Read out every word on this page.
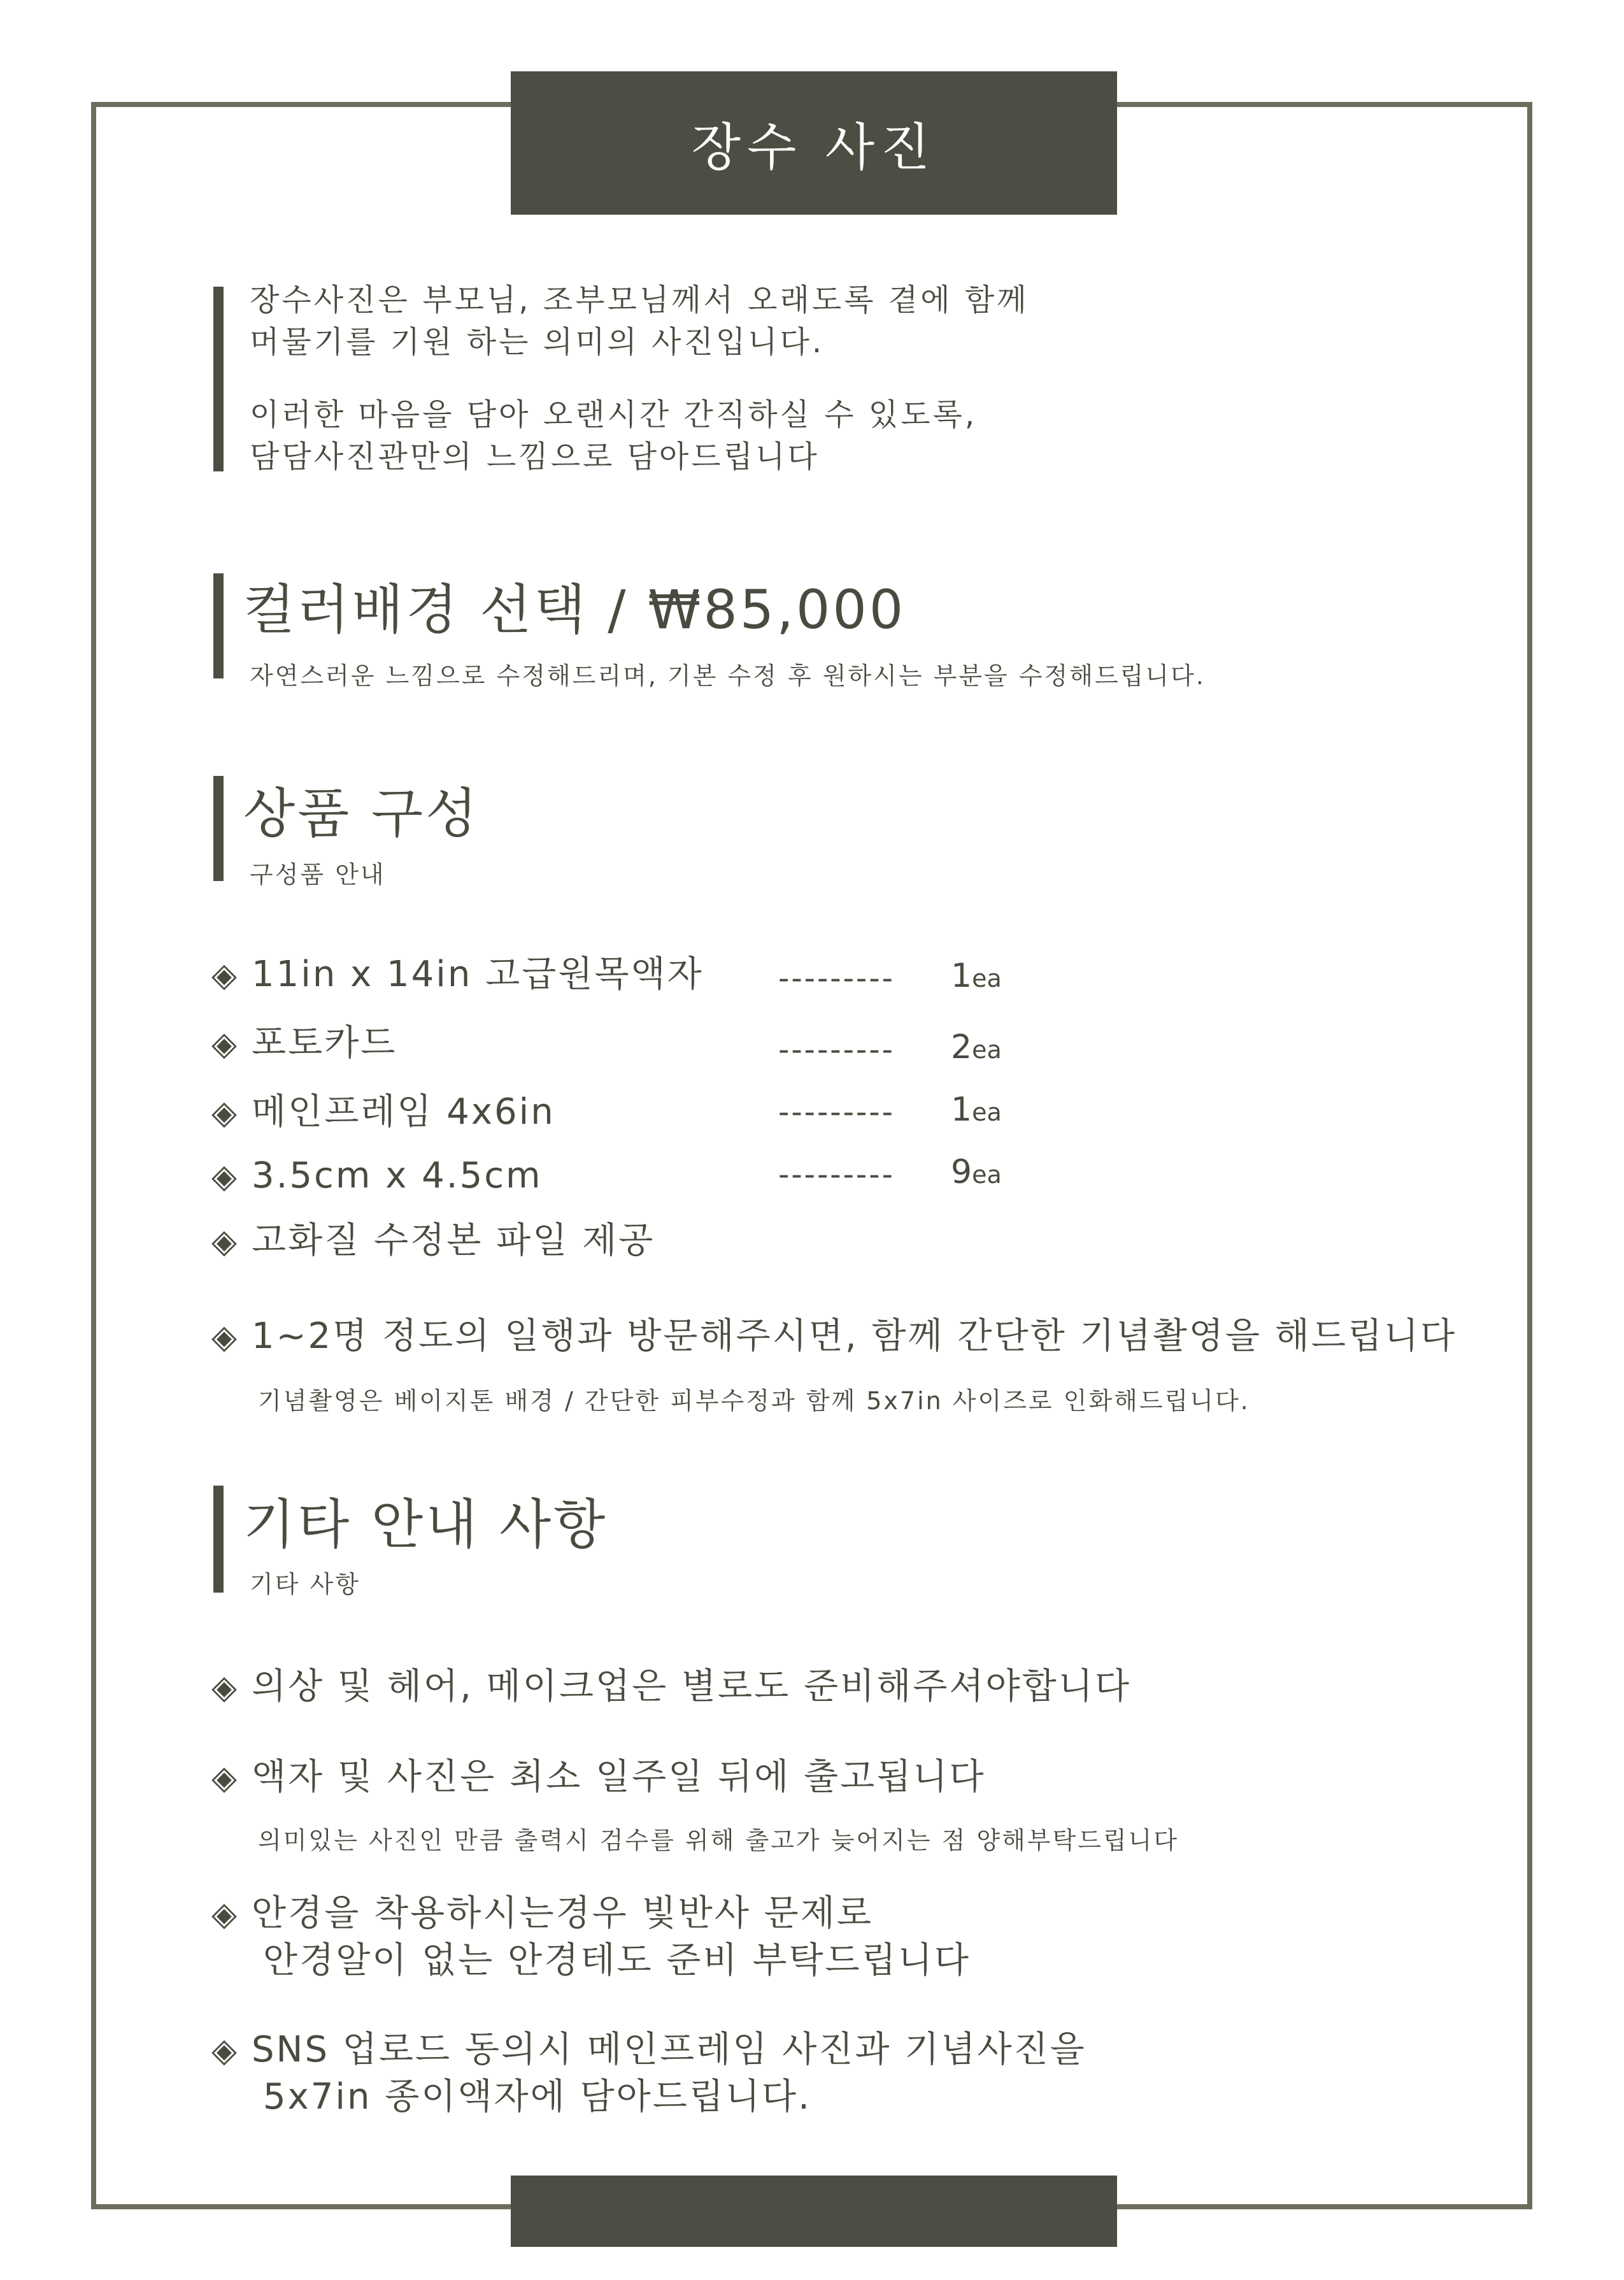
장수 사진

장수사진은 부모님, 조부모님께서 오래도록 곁에 함께

머물기를 기원 하는 의미의 사진입니다.

이러한 마음을 담아 오랜시간 간직하실 수 있도록,

담담사진관만의 느낌으로 담아드립니다

컬러배경 선택 / ₩85,000
자연스러운 느낌으로 수정해드리며, 기본 수정 후 원하시는 부분을 수정해드립니다.
상품 구성
구성품 안내
◈ 11in x 14in 고급원목액자 --------- 1ea
◈ 포토카드	--------- 2ea
◈ 메인프레임 4x6in	--------- 1ea
◈ 3.5cm x 4.5cm	--------- 9ea
◈ 고화질 수정본 파일 제공
◈ 1~2명 정도의 일행과 방문해주시면, 함께 간단한 기념촬영을 해드립니다
기념촬영은 베이지톤 배경 / 간단한 피부수정과 함께 5x7in 사이즈로 인화해드립니다.
기타 안내 사항
기타 사항
◈ 의상 및 헤어, 메이크업은 별로도 준비해주셔야합니다
◈ 액자 및 사진은 최소 일주일 뒤에 출고됩니다
의미있는 사진인 만큼 출력시 검수를 위해 출고가 늦어지는 점 양해부탁드립니다
◈ 안경을 착용하시는경우 빛반사 문제로
안경알이 없는 안경테도 준비 부탁드립니다
◈ SNS 업로드 동의시 메인프레임 사진과 기념사진을
5x7in 종이액자에 담아드립니다.
